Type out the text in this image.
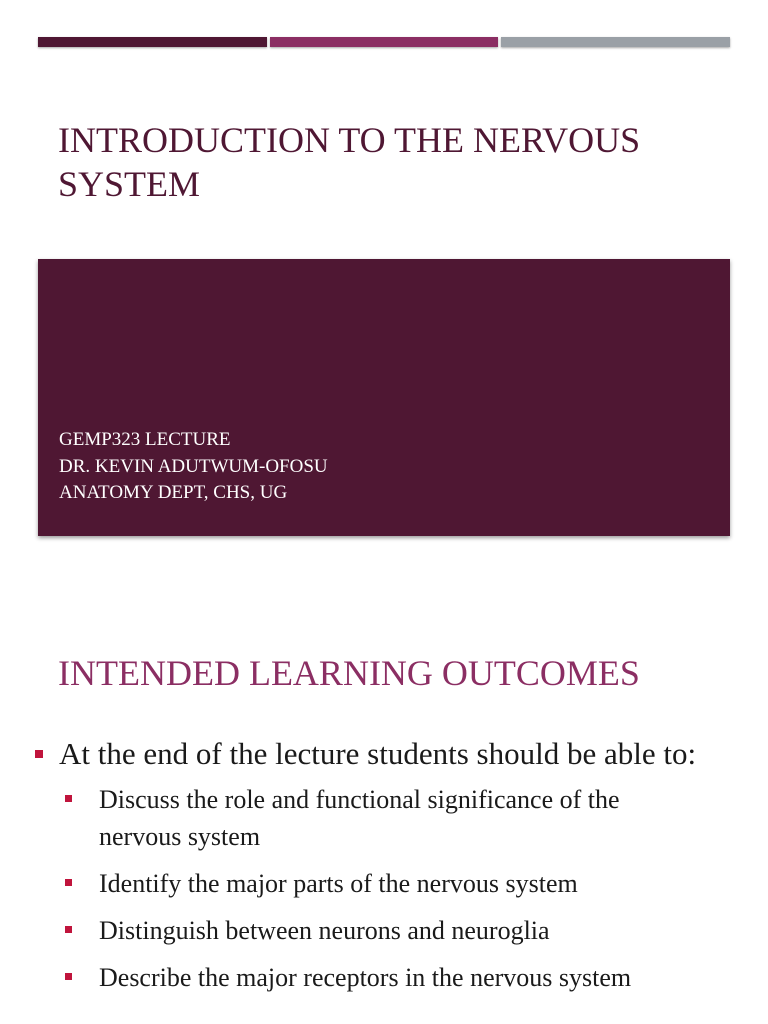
INTRODUCTION TO THE NERVOUS SYSTEM
GEMP323 LECTURE
DR. KEVIN ADUTWUM-OFOSU
ANATOMY DEPT, CHS, UG
INTENDED LEARNING OUTCOMES
At the end of the lecture students should be able to:
Discuss the role and functional significance of the nervous system
Identify the major parts of the nervous system
Distinguish between neurons and neuroglia
Describe the major receptors in the nervous system
